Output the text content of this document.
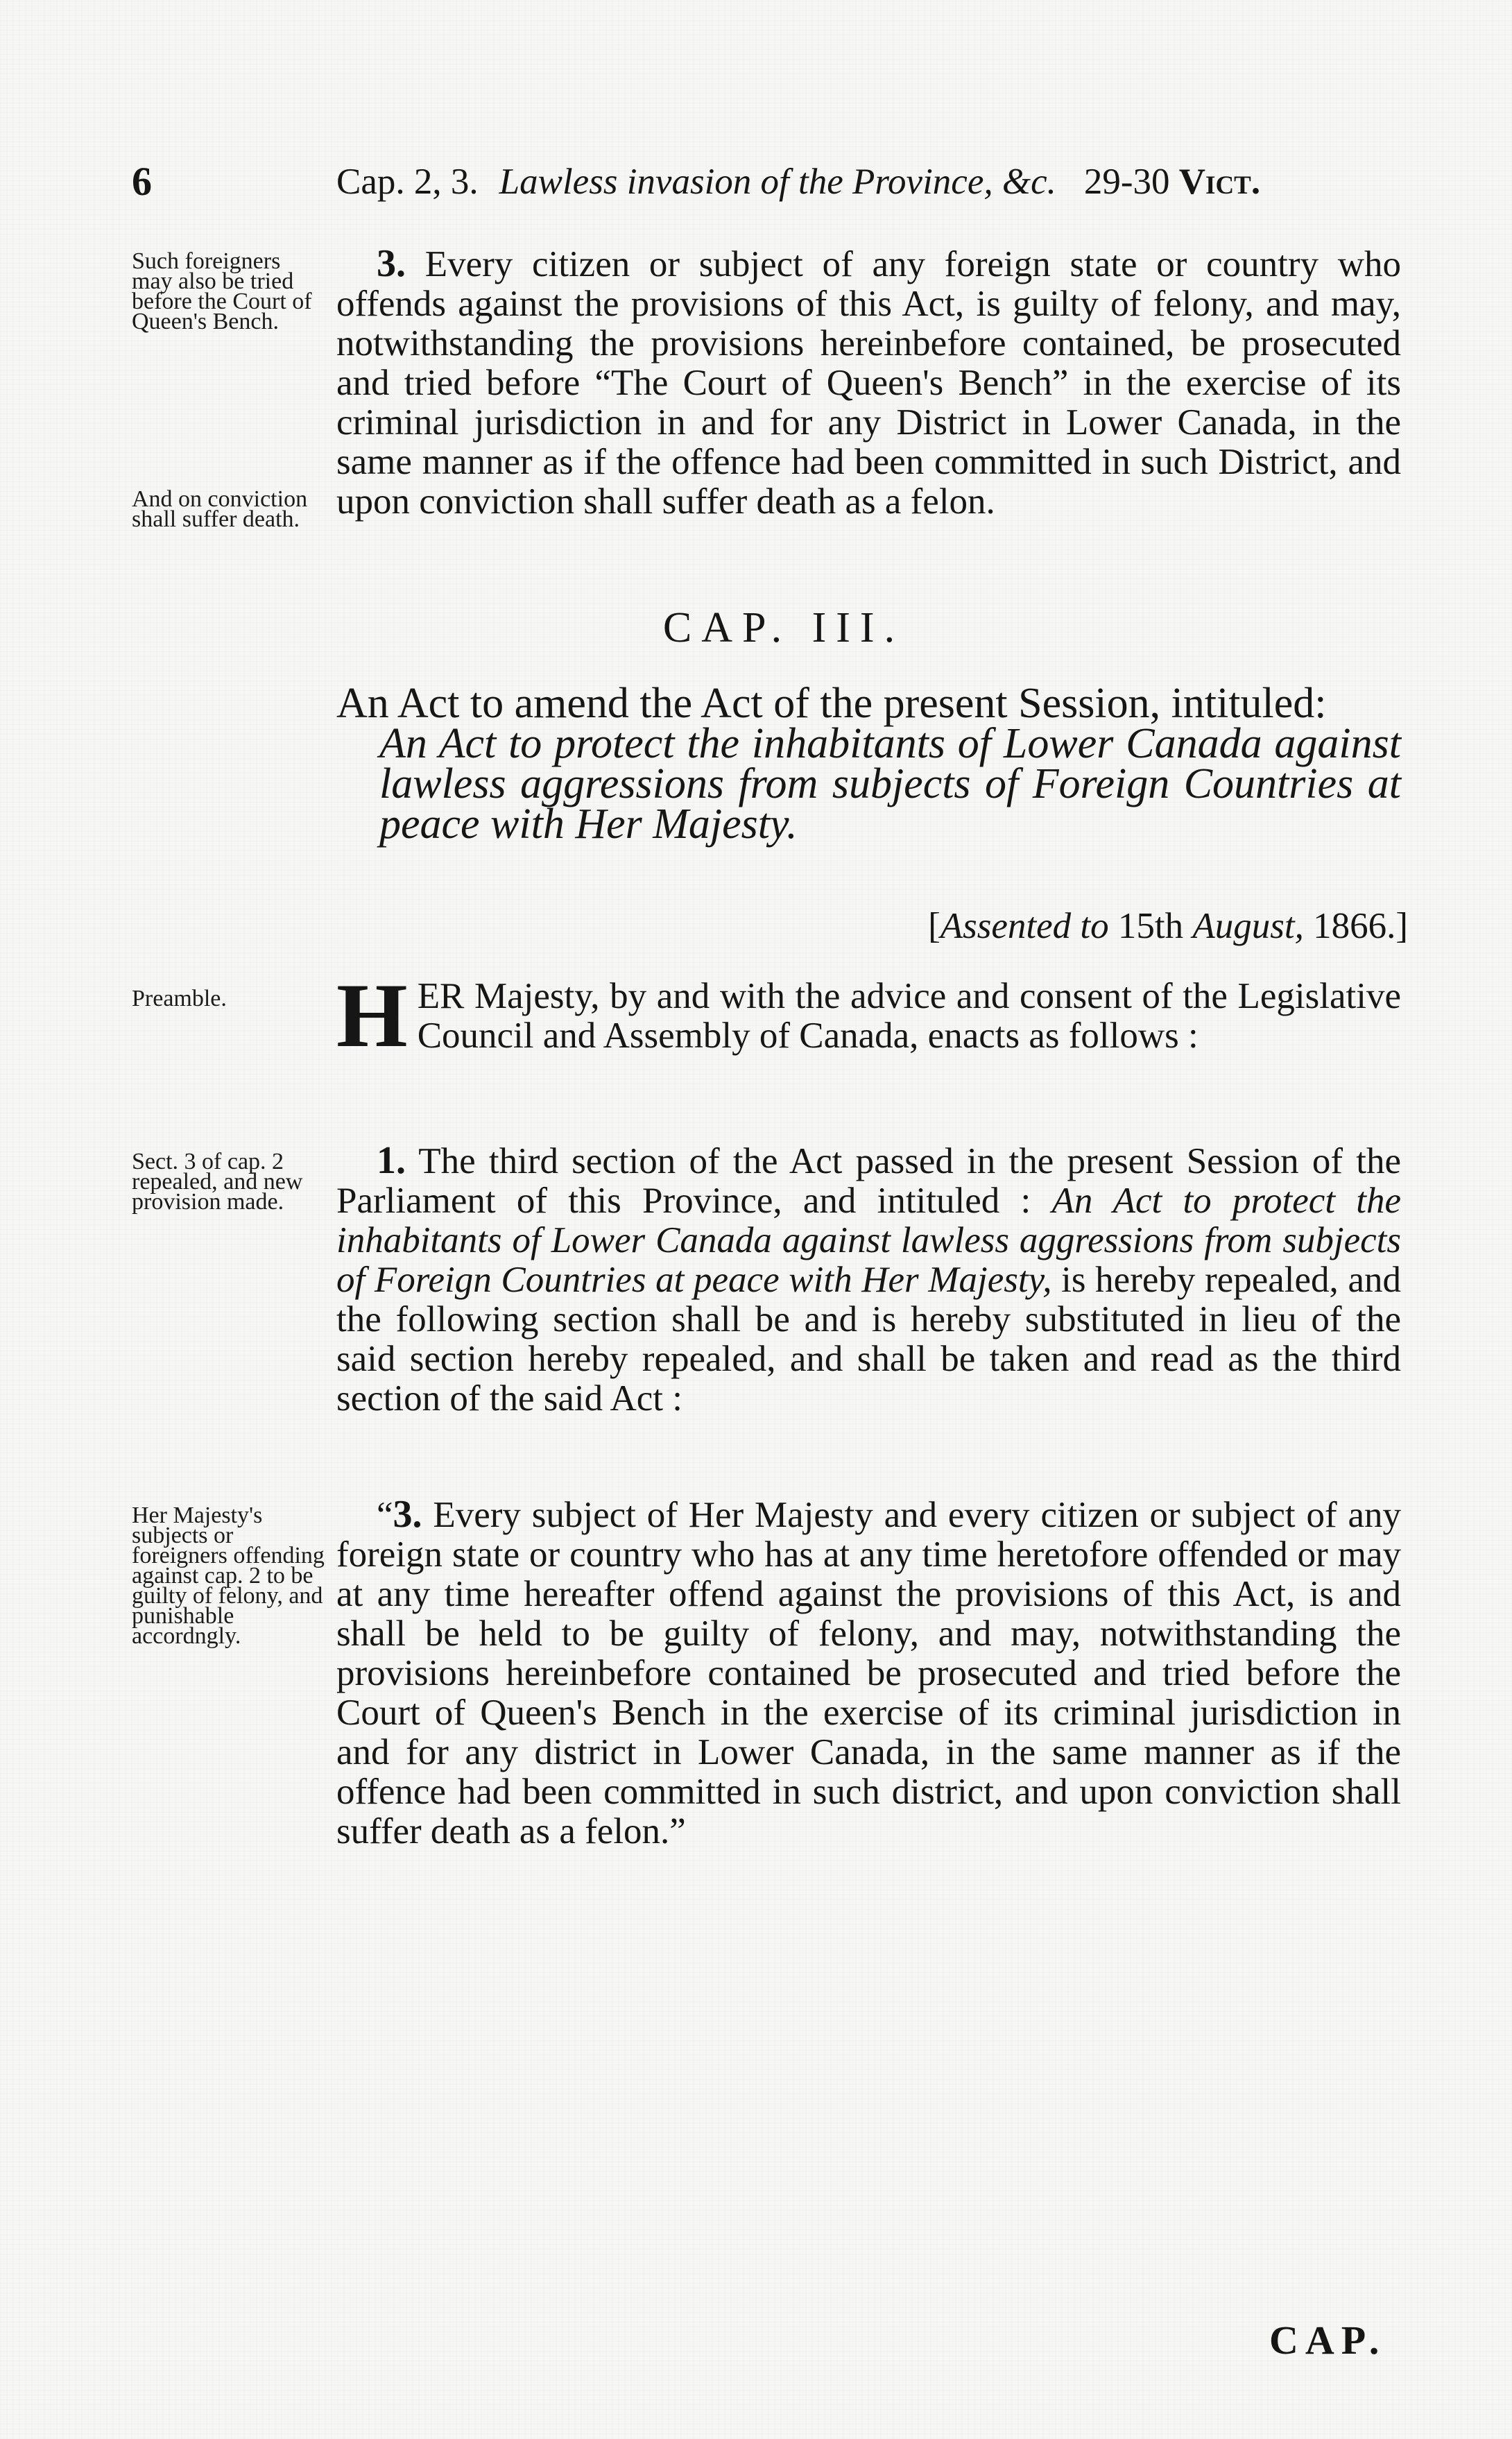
6	Cap. 2, 3. Lawless invasion of the Province, &c. 29-30 Vict.
Such foreigners may also be tried before the Court of Queen's Bench.
And on conviction shall suffer death.

3. Every citizen or subject of any foreign state or country who offends against the provisions of this Act, is guilty of felony, and may, notwithstanding the provisions hereinbefore contained, be prosecuted and tried before “The Court of Queen's Bench” in the exercise of its criminal jurisdiction in and for any District in Lower Canada, in the same manner as if the offence had been committed in such District, and upon conviction shall suffer death as a felon.

CAP. III.
An Act to amend the Act of the present Session, intituled:
An Act to protect the inhabitants of Lower Canada against lawless aggressions from subjects of Foreign Countries at peace with Her Majesty.
[Assented to 15th August, 1866.]
Preamble.	HER Majesty, by and with the advice and consent of the Legislative Council and Assembly of Canada, enacts as follows :

Sect. 3 of cap. 2 repealed, and new provision made.

1. The third section of the Act passed in the present Session of the Parliament of this Province, and intituled : An Act to protect the inhabitants of Lower Canada against lawless aggressions from subjects of Foreign Countries at peace with Her Majesty, is hereby repealed, and the following section shall be and is hereby substituted in lieu of the said section hereby repealed, and shall be taken and read as the third section of the said Act :

Her Majesty's subjects or foreigners offending against cap. 2 to be guilty of felony, and punishable accordngly.

“3. Every subject of Her Majesty and every citizen or subject of any foreign state or country who has at any time heretofore offended or may at any time hereafter offend against the provisions of this Act, is and shall be held to be guilty of felony, and may, notwithstanding the provisions hereinbefore contained be prosecuted and tried before the Court of Queen's Bench in the exercise of its criminal jurisdiction in and for any district in Lower Canada, in the same manner as if the offence had been committed in such district, and upon conviction shall suffer death as a felon.”

CAP.
